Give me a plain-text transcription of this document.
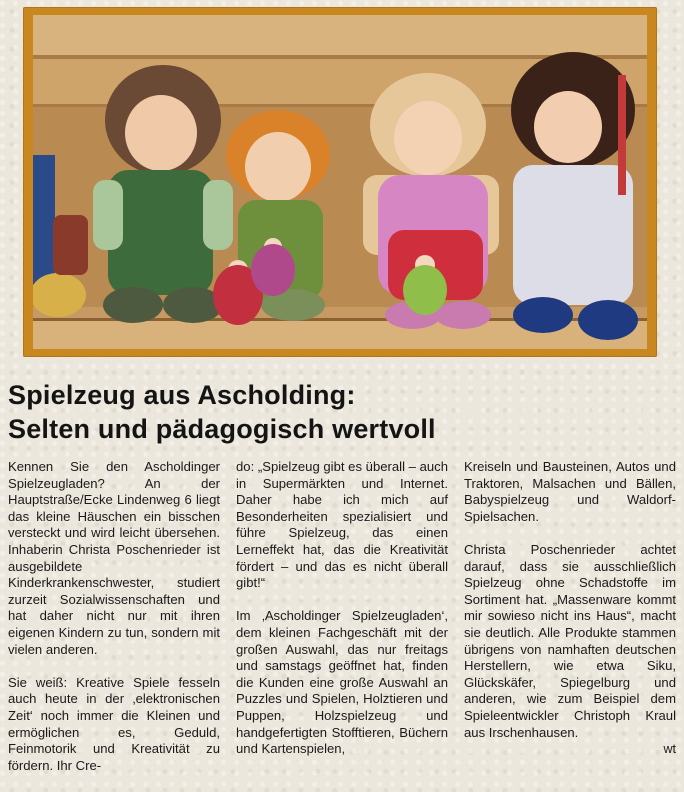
Spielzeug aus Ascholding:
Selten und pädagogisch wertvoll

Kennen Sie den Ascholdinger Spielzeugladen? An der Hauptstraße/Ecke Lindenweg 6 liegt das kleine Häuschen ein bisschen versteckt und wird leicht übersehen. Inhaberin Christa Poschenrieder ist ausgebildete Kinderkrankenschwester, studiert zurzeit Sozialwissenschaften und hat daher nicht nur mit ihren eigenen Kindern zu tun, sondern mit vielen anderen.

Sie weiß: Kreative Spiele fesseln auch heute in der ‚elektronischen Zeit‘ noch immer die Kleinen und ermöglichen es, Geduld, Feinmotorik und Kreativität zu fördern. Ihr Cre-

do: „Spielzeug gibt es überall – auch in Supermärkten und Internet. Daher habe ich mich auf Besonderheiten spezialisiert und führe Spielzeug, das einen Lerneffekt hat, das die Kreativität fördert – und das es nicht überall gibt!“

Im ‚Ascholdinger Spielzeugladen‘, dem kleinen Fachgeschäft mit der großen Auswahl, das nur freitags und samstags geöffnet hat, finden die Kunden eine große Auswahl an Puzzles und Spielen, Holztieren und Puppen, Holzspielzeug und handgefertigten Stofftieren, Büchern und Kartenspielen,

Kreiseln und Bausteinen, Autos und Traktoren, Malsachen und Bällen, Babyspielzeug und Waldorf-Spielsachen.

Christa Poschenrieder achtet darauf, dass sie ausschließlich Spielzeug ohne Schadstoffe im Sortiment hat. „Massenware kommt mir sowieso nicht ins Haus“, macht sie deutlich. Alle Produkte stammen übrigens von namhaften deutschen Herstellern, wie etwa Siku, Glückskäfer, Spiegelburg und anderen, wie zum Beispiel dem Spieleentwickler Christoph Kraul aus Irschenhausen.

wt
